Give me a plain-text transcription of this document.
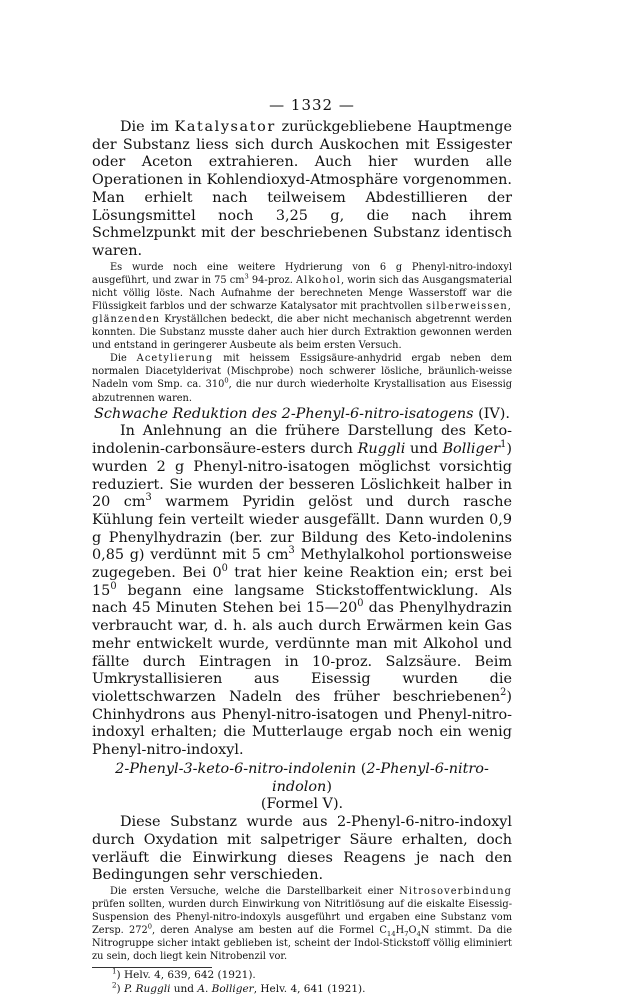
— 1332 —

Die im Katalysator zurückgebliebene Hauptmenge der Substanz liess sich durch Auskochen mit Essigester oder Aceton extrahieren. Auch hier wurden alle Operationen in Kohlendioxyd-Atmosphäre vorgenommen. Man erhielt nach teilweisem Abdestillieren der Lösungsmittel noch 3,25 g, die nach ihrem Schmelzpunkt mit der beschriebenen Substanz identisch waren.

Es wurde noch eine weitere Hydrierung von 6 g Phenyl-nitro-indoxyl ausgeführt, und zwar in 75 $cm^3$ 94-proz. Alkohol, worin sich das Ausgangsmaterial nicht völlig löste. Nach Aufnahme der berechneten Menge Wasserstoff war die Flüssigkeit farblos und der schwarze Katalysator mit prachtvollen silberweissen, glänzenden Kryställchen bedeckt, die aber nicht mechanisch abgetrennt werden konnten. Die Substanz musste daher auch hier durch Extraktion gewonnen werden und entstand in geringerer Ausbeute als beim ersten Versuch.

Die Acetylierung mit heissem Essigsäure-anhydrid ergab neben dem normalen Diacetylderivat (Mischprobe) noch schwerer lösliche, bräunlich-weisse Nadeln vom Smp. ca. $310^0$, die nur durch wiederholte Krystallisation aus Eisessig abzutrennen waren.

Schwache Reduktion des 2-Phenyl-6-nitro-isatogens (IV).

In Anlehnung an die frühere Darstellung des Keto-indolenin-carbonsäure-esters durch Ruggli und Bolliger$^1$) wurden 2 g Phenyl-nitro-isatogen möglichst vorsichtig reduziert. Sie wurden der besseren Löslichkeit halber in 20 $cm^3$ warmem Pyridin gelöst und durch rasche Kühlung fein verteilt wieder ausgefällt. Dann wurden 0,9 g Phenylhydrazin (ber. zur Bildung des Keto-indolenins 0,85 g) verdünnt mit 5 $cm^3$ Methylalkohol portionsweise zugegeben. Bei $0^0$ trat hier keine Reaktion ein; erst bei $15^0$ begann eine langsame Stickstoffentwicklung. Als nach 45 Minuten Stehen bei $15—20^0$ das Phenylhydrazin verbraucht war, d. h. als auch durch Erwärmen kein Gas mehr entwickelt wurde, verdünnte man mit Alkohol und fällte durch Eintragen in 10-proz. Salzsäure. Beim Umkrystallisieren aus Eisessig wurden die violettschwarzen Nadeln des früher beschriebenen$^2$) Chinhydrons aus Phenyl-nitro-isatogen und Phenyl-nitro-indoxyl erhalten; die Mutterlauge ergab noch ein wenig Phenyl-nitro-indoxyl.

2-Phenyl-3-keto-6-nitro-indolenin (2-Phenyl-6-nitro-indolon)
(Formel V).

Diese Substanz wurde aus 2-Phenyl-6-nitro-indoxyl durch Oxydation mit salpetriger Säure erhalten, doch verläuft die Einwirkung dieses Reagens je nach den Bedingungen sehr verschieden.

Die ersten Versuche, welche die Darstellbarkeit einer Nitrosoverbindung prüfen sollten, wurden durch Einwirkung von Nitritlösung auf die eiskalte Eisessig-Suspension des Phenyl-nitro-indoxyls ausgeführt und ergaben eine Substanz vom Zersp. $272^0$, deren Analyse am besten auf die Formel $C_{14}H_7O_4N$ stimmt. Da die Nitrogruppe sicher intakt geblieben ist, scheint der Indol-Stickstoff völlig eliminiert zu sein, doch liegt kein Nitrobenzil vor.

$^1$) Helv. 4, 639, 642 (1921).

$^2$) P. Ruggli und A. Bolliger, Helv. 4, 641 (1921).
